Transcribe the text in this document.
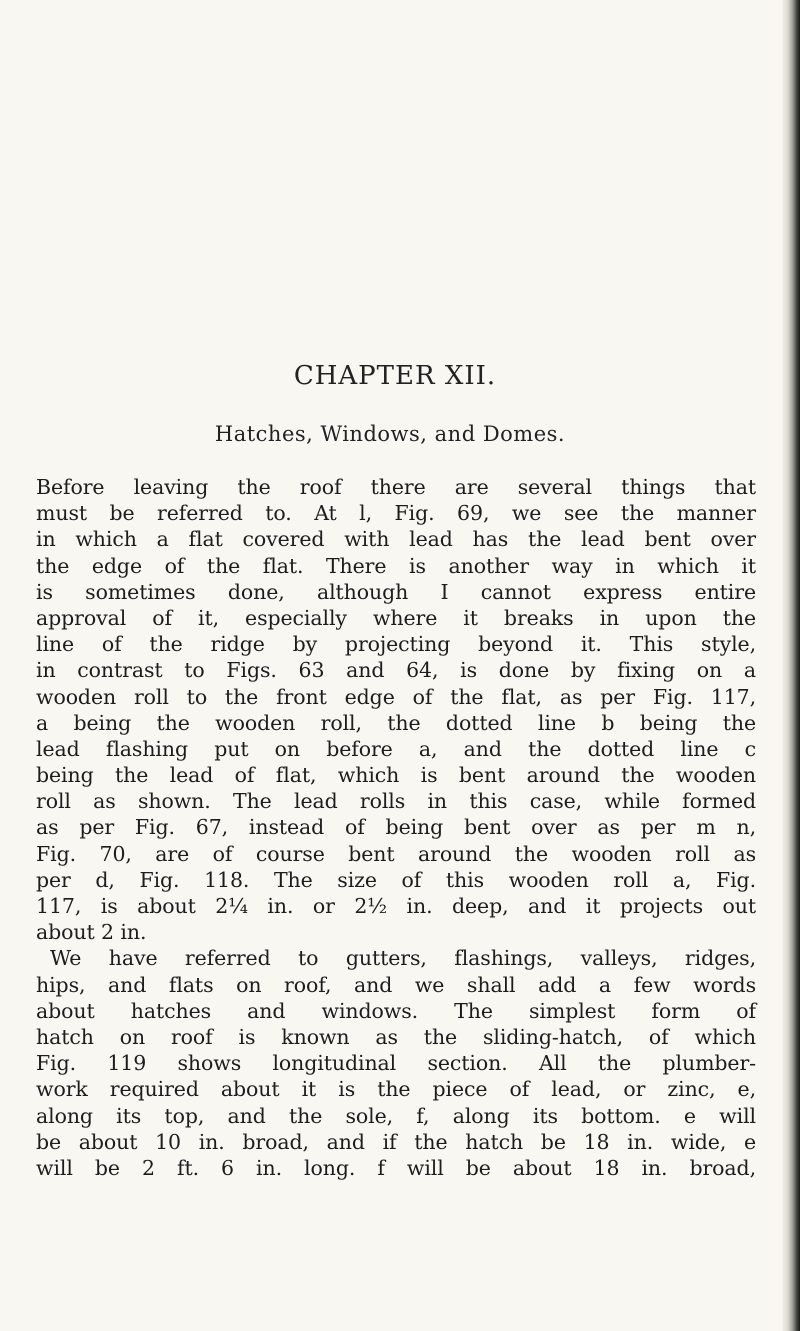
CHAPTER XII.
Hatches, Windows, and Domes.
Before leaving the roof there are several things that
must be referred to. At l, Fig. 69, we see the manner
in which a flat covered with lead has the lead bent over
the edge of the flat. There is another way in which it
is sometimes done, although I cannot express entire
approval of it, especially where it breaks in upon the
line of the ridge by projecting beyond it. This style,
in contrast to Figs. 63 and 64, is done by fixing on a
wooden roll to the front edge of the flat, as per Fig. 117,
a being the wooden roll, the dotted line b being the
lead flashing put on before a, and the dotted line c
being the lead of flat, which is bent around the wooden
roll as shown. The lead rolls in this case, while formed
as per Fig. 67, instead of being bent over as per m n,
Fig. 70, are of course bent around the wooden roll as
per d, Fig. 118. The size of this wooden roll a, Fig.
117, is about 2¼ in. or 2½ in. deep, and it projects out
about 2 in.
We have referred to gutters, flashings, valleys, ridges,
hips, and flats on roof, and we shall add a few words
about hatches and windows. The simplest form of
hatch on roof is known as the sliding-hatch, of which
Fig. 119 shows longitudinal section. All the plumber-
work required about it is the piece of lead, or zinc, e,
along its top, and the sole, f, along its bottom. e will
be about 10 in. broad, and if the hatch be 18 in. wide, e
will be 2 ft. 6 in. long. f will be about 18 in. broad,
